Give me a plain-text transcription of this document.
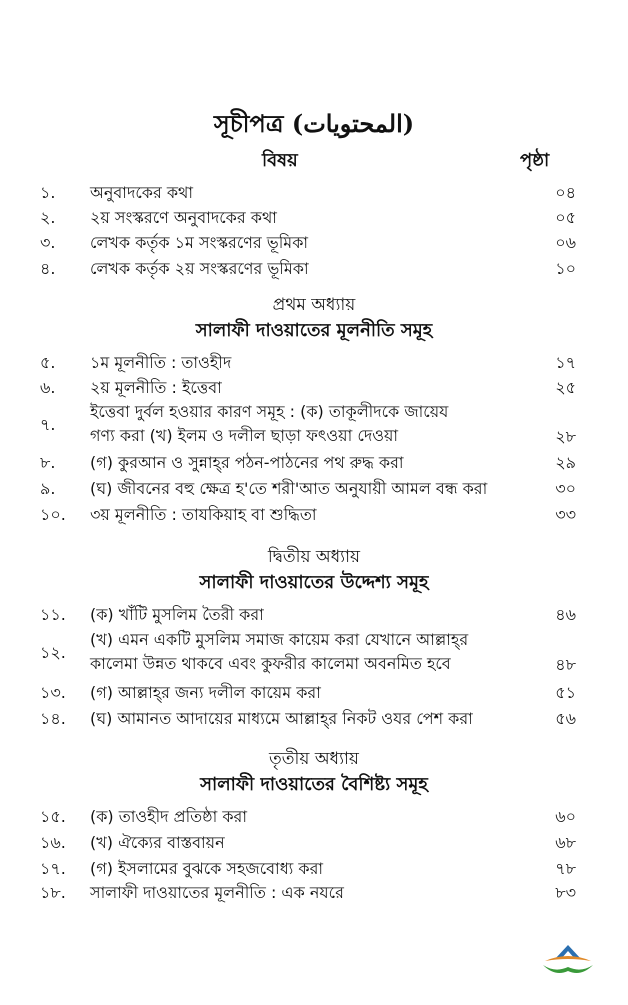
সূচীপত্র (المحتويات)
বিষয়	পৃষ্ঠা
১.	অনুবাদকের কথা	০৪
২.	২য় সংস্করণে অনুবাদকের কথা	০৫
৩.	লেখক কর্তৃক ১ম সংস্করণের ভূমিকা	০৬
৪.	লেখক কর্তৃক ২য় সংস্করণের ভূমিকা	১০
প্রথম অধ্যায়
সালাফী দাওয়াতের মূলনীতি সমূহ
৫.	১ম মূলনীতি : তাওহীদ	১৭
৬.	২য় মূলনীতি : ইত্তেবা	২৫
৭.
ইত্তেবা দুর্বল হওয়ার কারণ সমূহ : (ক) তাকূলীদকে জায়েয
গণ্য করা (খ) ইলম ও দলীল ছাড়া ফৎওয়া দেওয়া	২৮
৮.	(গ) কুরআন ও সুন্নাহ্‌র পঠন-পাঠনের পথ রুদ্ধ করা	২৯
৯.	(ঘ) জীবনের বহু ক্ষেত্র হ'তে শরী'আত অনুযায়ী আমল বন্ধ করা	৩০
১০.	৩য় মূলনীতি : তাযকিয়াহ বা শুদ্ধিতা	৩৩
দ্বিতীয় অধ্যায়
সালাফী দাওয়াতের উদ্দেশ্য সমূহ
১১.	(ক) খাঁটি মুসলিম তৈরী করা	৪৬
১২.
(খ) এমন একটি মুসলিম সমাজ কায়েম করা যেখানে আল্লাহ্‌র
কালেমা উন্নত থাকবে এবং কুফরীর কালেমা অবনমিত হবে	৪৮
১৩.	(গ) আল্লাহ্‌র জন্য দলীল কায়েম করা	৫১
১৪.	(ঘ) আমানত আদায়ের মাধ্যমে আল্লাহ্‌র নিকট ওযর পেশ করা	৫৬
তৃতীয় অধ্যায়
সালাফী দাওয়াতের বৈশিষ্ট্য সমূহ
১৫.	(ক) তাওহীদ প্রতিষ্ঠা করা	৬০
১৬.	(খ) ঐক্যের বাস্তবায়ন	৬৮
১৭.	(গ) ইসলামের বুঝকে সহজবোধ্য করা	৭৮
১৮.	সালাফী দাওয়াতের মূলনীতি : এক নযরে	৮৩
